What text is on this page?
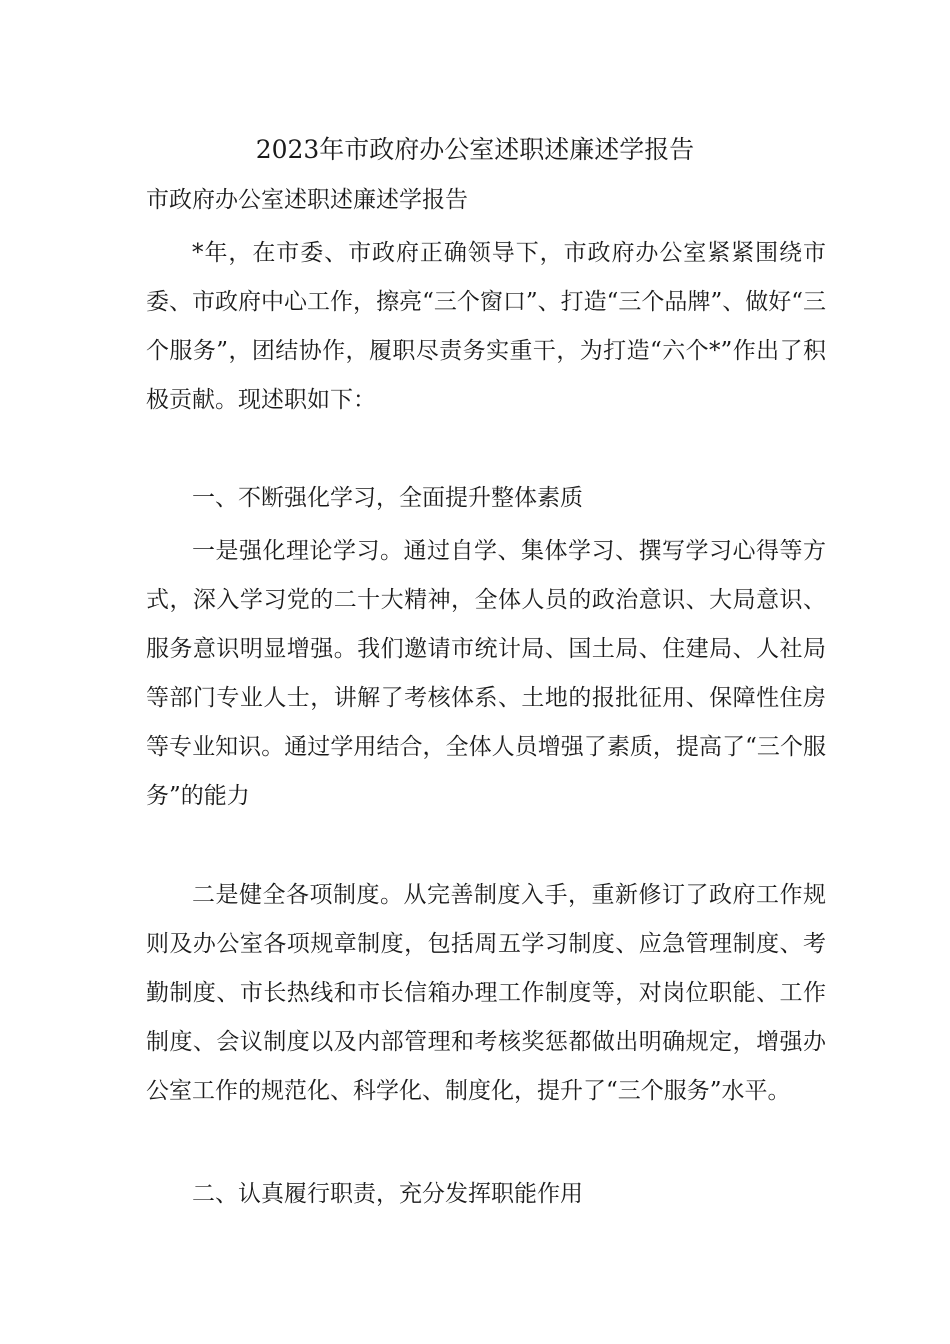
2023年市政府办公室述职述廉述学报告
市政府办公室述职述廉述学报告

*年，在市委、市政府正确领导下，市政府办公室紧紧围绕市委、市政府中心工作，擦亮“三个窗口”、打造“三个品牌”、做好“三个服务”，团结协作，履职尽责务实重干，为打造“六个*”作出了积极贡献。现述职如下：

一、不断强化学习，全面提升整体素质

一是强化理论学习。通过自学、集体学习、撰写学习心得等方式，深入学习党的二十大精神，全体人员的政治意识、大局意识、服务意识明显增强。我们邀请市统计局、国土局、住建局、人社局等部门专业人士，讲解了考核体系、土地的报批征用、保障性住房等专业知识。通过学用结合，全体人员增强了素质，提高了“三个服务”的能力

二是健全各项制度。从完善制度入手，重新修订了政府工作规则及办公室各项规章制度，包括周五学习制度、应急管理制度、考勤制度、市长热线和市长信箱办理工作制度等，对岗位职能、工作制度、会议制度以及内部管理和考核奖惩都做出明确规定，增强办公室工作的规范化、科学化、制度化，提升了“三个服务”水平。

二、认真履行职责，充分发挥职能作用
